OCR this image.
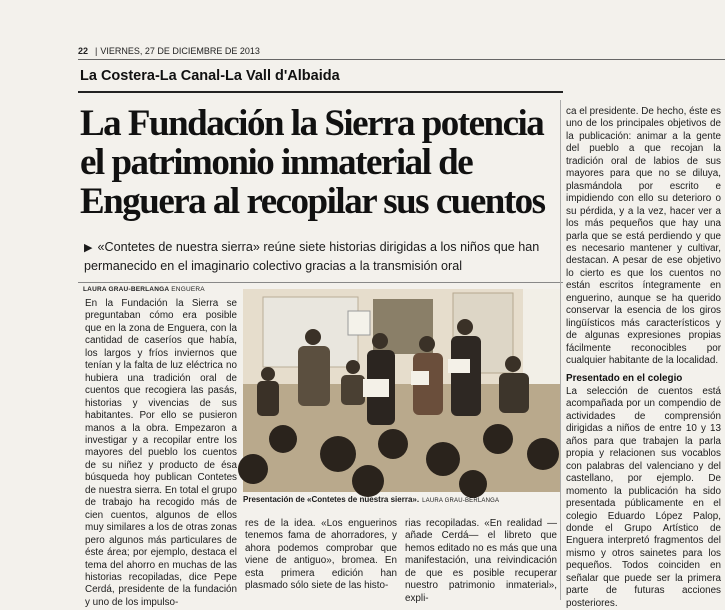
22 | VIERNES, 27 DE DICIEMBRE DE 2013
La Costera-La Canal-La Vall d'Albaida
La Fundación la Sierra potencia el patrimonio inmaterial de Enguera al recopilar sus cuentos
▶ «Contetes de nuestra sierra» reúne siete historias dirigidas a los niños que han permanecido en el imaginario colectivo gracias a la transmisión oral
LAURA GRAU-BERLANGA ENGUERA

En la Fundación la Sierra se preguntaban cómo era posible que en la zona de Enguera, con la cantidad de caseríos que había, los largos y fríos inviernos que tenían y la falta de luz eléctrica no hubiera una tradición oral de cuentos que recogiera las pasás, historias y vivencias de sus habitantes. Por ello se pusieron manos a la obra. Empezaron a investigar y a recopilar entre los mayores del pueblo los cuentos de su niñez y producto de ésa búsqueda hoy publican Contetes de nuestra sierra. En total el grupo de trabajo ha recogido más de cien cuentos, algunos de ellos muy similares a los de otras zonas pero algunos más particulares de éste área; por ejemplo, destaca el tema del ahorro en muchas de las historias recopiladas, dice Pepe Cerdá, presidente de la fundación y uno de los impulso-

Presentación de «Contetes de nuestra sierra». LAURA GRAU-BERLANGA

res de la idea. «Los enguerinos tenemos fama de ahorradores, y ahora podemos comprobar que viene de antiguo», bromea. En esta primera edición han plasmado sólo siete de las histo-

rias recopiladas. «En realidad —añade Cerdá— el libreto que hemos editado no es más que una manifestación, una reivindicación de que es posible recuperar nuestro patrimonio inmaterial», expli-

ca el presidente. De hecho, éste es uno de los principales objetivos de la publicación: animar a la gente del pueblo a que recojan la tradición oral de labios de sus mayores para que no se diluya, plasmándola por escrito e impidiendo con ello su deterioro o su pérdida, y a la vez, hacer ver a los más pequeños que hay una parla que se está perdiendo y que es necesario mantener y cultivar, destacan. A pesar de ese objetivo lo cierto es que los cuentos no están escritos íntegramente en enguerino, aunque se ha querido conservar la esencia de los giros lingüísticos más característicos y de algunas expresiones propias fácilmente reconocibles por cualquier habitante de la localidad.

Presentado en el colegio

La selección de cuentos está acompañada por un compendio de actividades de comprensión dirigidas a niños de entre 10 y 13 años para que trabajen la parla propia y relacionen sus vocablos con palabras del valenciano y del castellano, por ejemplo. De momento la publicación ha sido presentada públicamente en el colegio Eduardo López Palop, donde el Grupo Artístico de Enguera interpretó fragmentos del mismo y otros sainetes para los pequeños. Todos coinciden en señalar que puede ser la primera parte de futuras acciones posteriores.
